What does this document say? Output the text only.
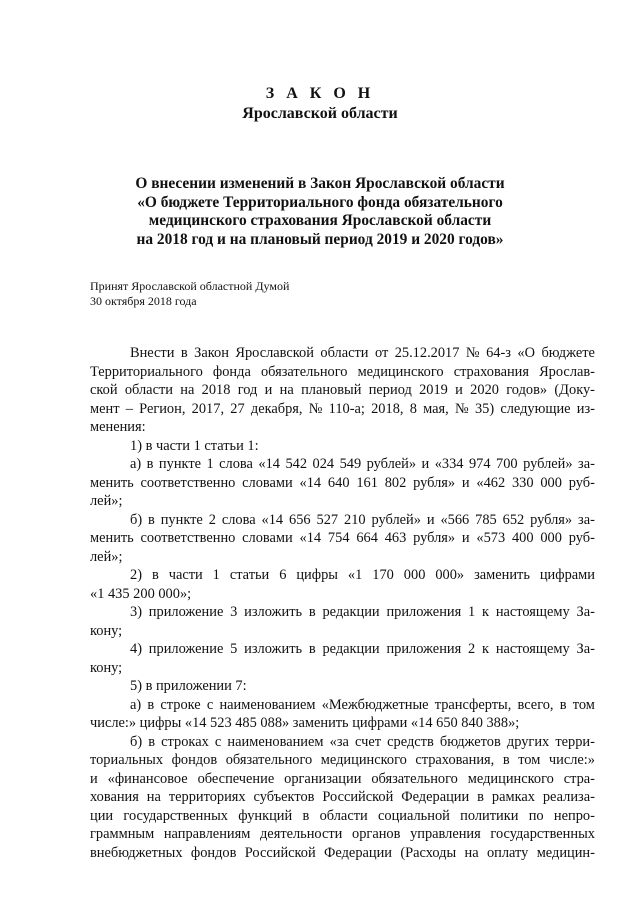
З А К О Н
Ярославской области
О внесении изменений в Закон Ярославской области
«О бюджете Территориального фонда обязательного
медицинского страхования Ярославской области
на 2018 год и на плановый период 2019 и 2020 годов»
Принят Ярославской областной Думой
30 октября 2018 года
Внести в Закон Ярославской области от 25.12.2017 № 64-з «О бюджете
Территориального фонда обязательного медицинского страхования Ярослав-
ской области на 2018 год и на плановый период 2019 и 2020 годов» (Доку-
мент – Регион, 2017, 27 декабря, № 110-а; 2018, 8 мая, № 35) следующие из-
менения:
1) в части 1 статьи 1:
а) в пункте 1 слова «14 542 024 549 рублей» и «334 974 700 рублей» за-
менить соответственно словами «14 640 161 802 рубля» и «462 330 000 руб-
лей»;
б) в пункте 2 слова «14 656 527 210 рублей» и «566 785 652 рубля» за-
менить соответственно словами «14 754 664 463 рубля» и «573 400 000 руб-
лей»;
2) в части 1 статьи 6 цифры «1 170 000 000» заменить цифрами
«1 435 200 000»;
3) приложение 3 изложить в редакции приложения 1 к настоящему За-
кону;
4) приложение 5 изложить в редакции приложения 2 к настоящему За-
кону;
5) в приложении 7:
а) в строке с наименованием «Межбюджетные трансферты, всего, в том
числе:» цифры «14 523 485 088» заменить цифрами «14 650 840 388»;
б) в строках с наименованием «за счет средств бюджетов других терри-
ториальных фондов обязательного медицинского страхования, в том числе:»
и «финансовое обеспечение организации обязательного медицинского стра-
хования на территориях субъектов Российской Федерации в рамках реализа-
ции государственных функций в области социальной политики по непро-
граммным направлениям деятельности органов управления государственных
внебюджетных фондов Российской Федерации (Расходы на оплату медицин-
